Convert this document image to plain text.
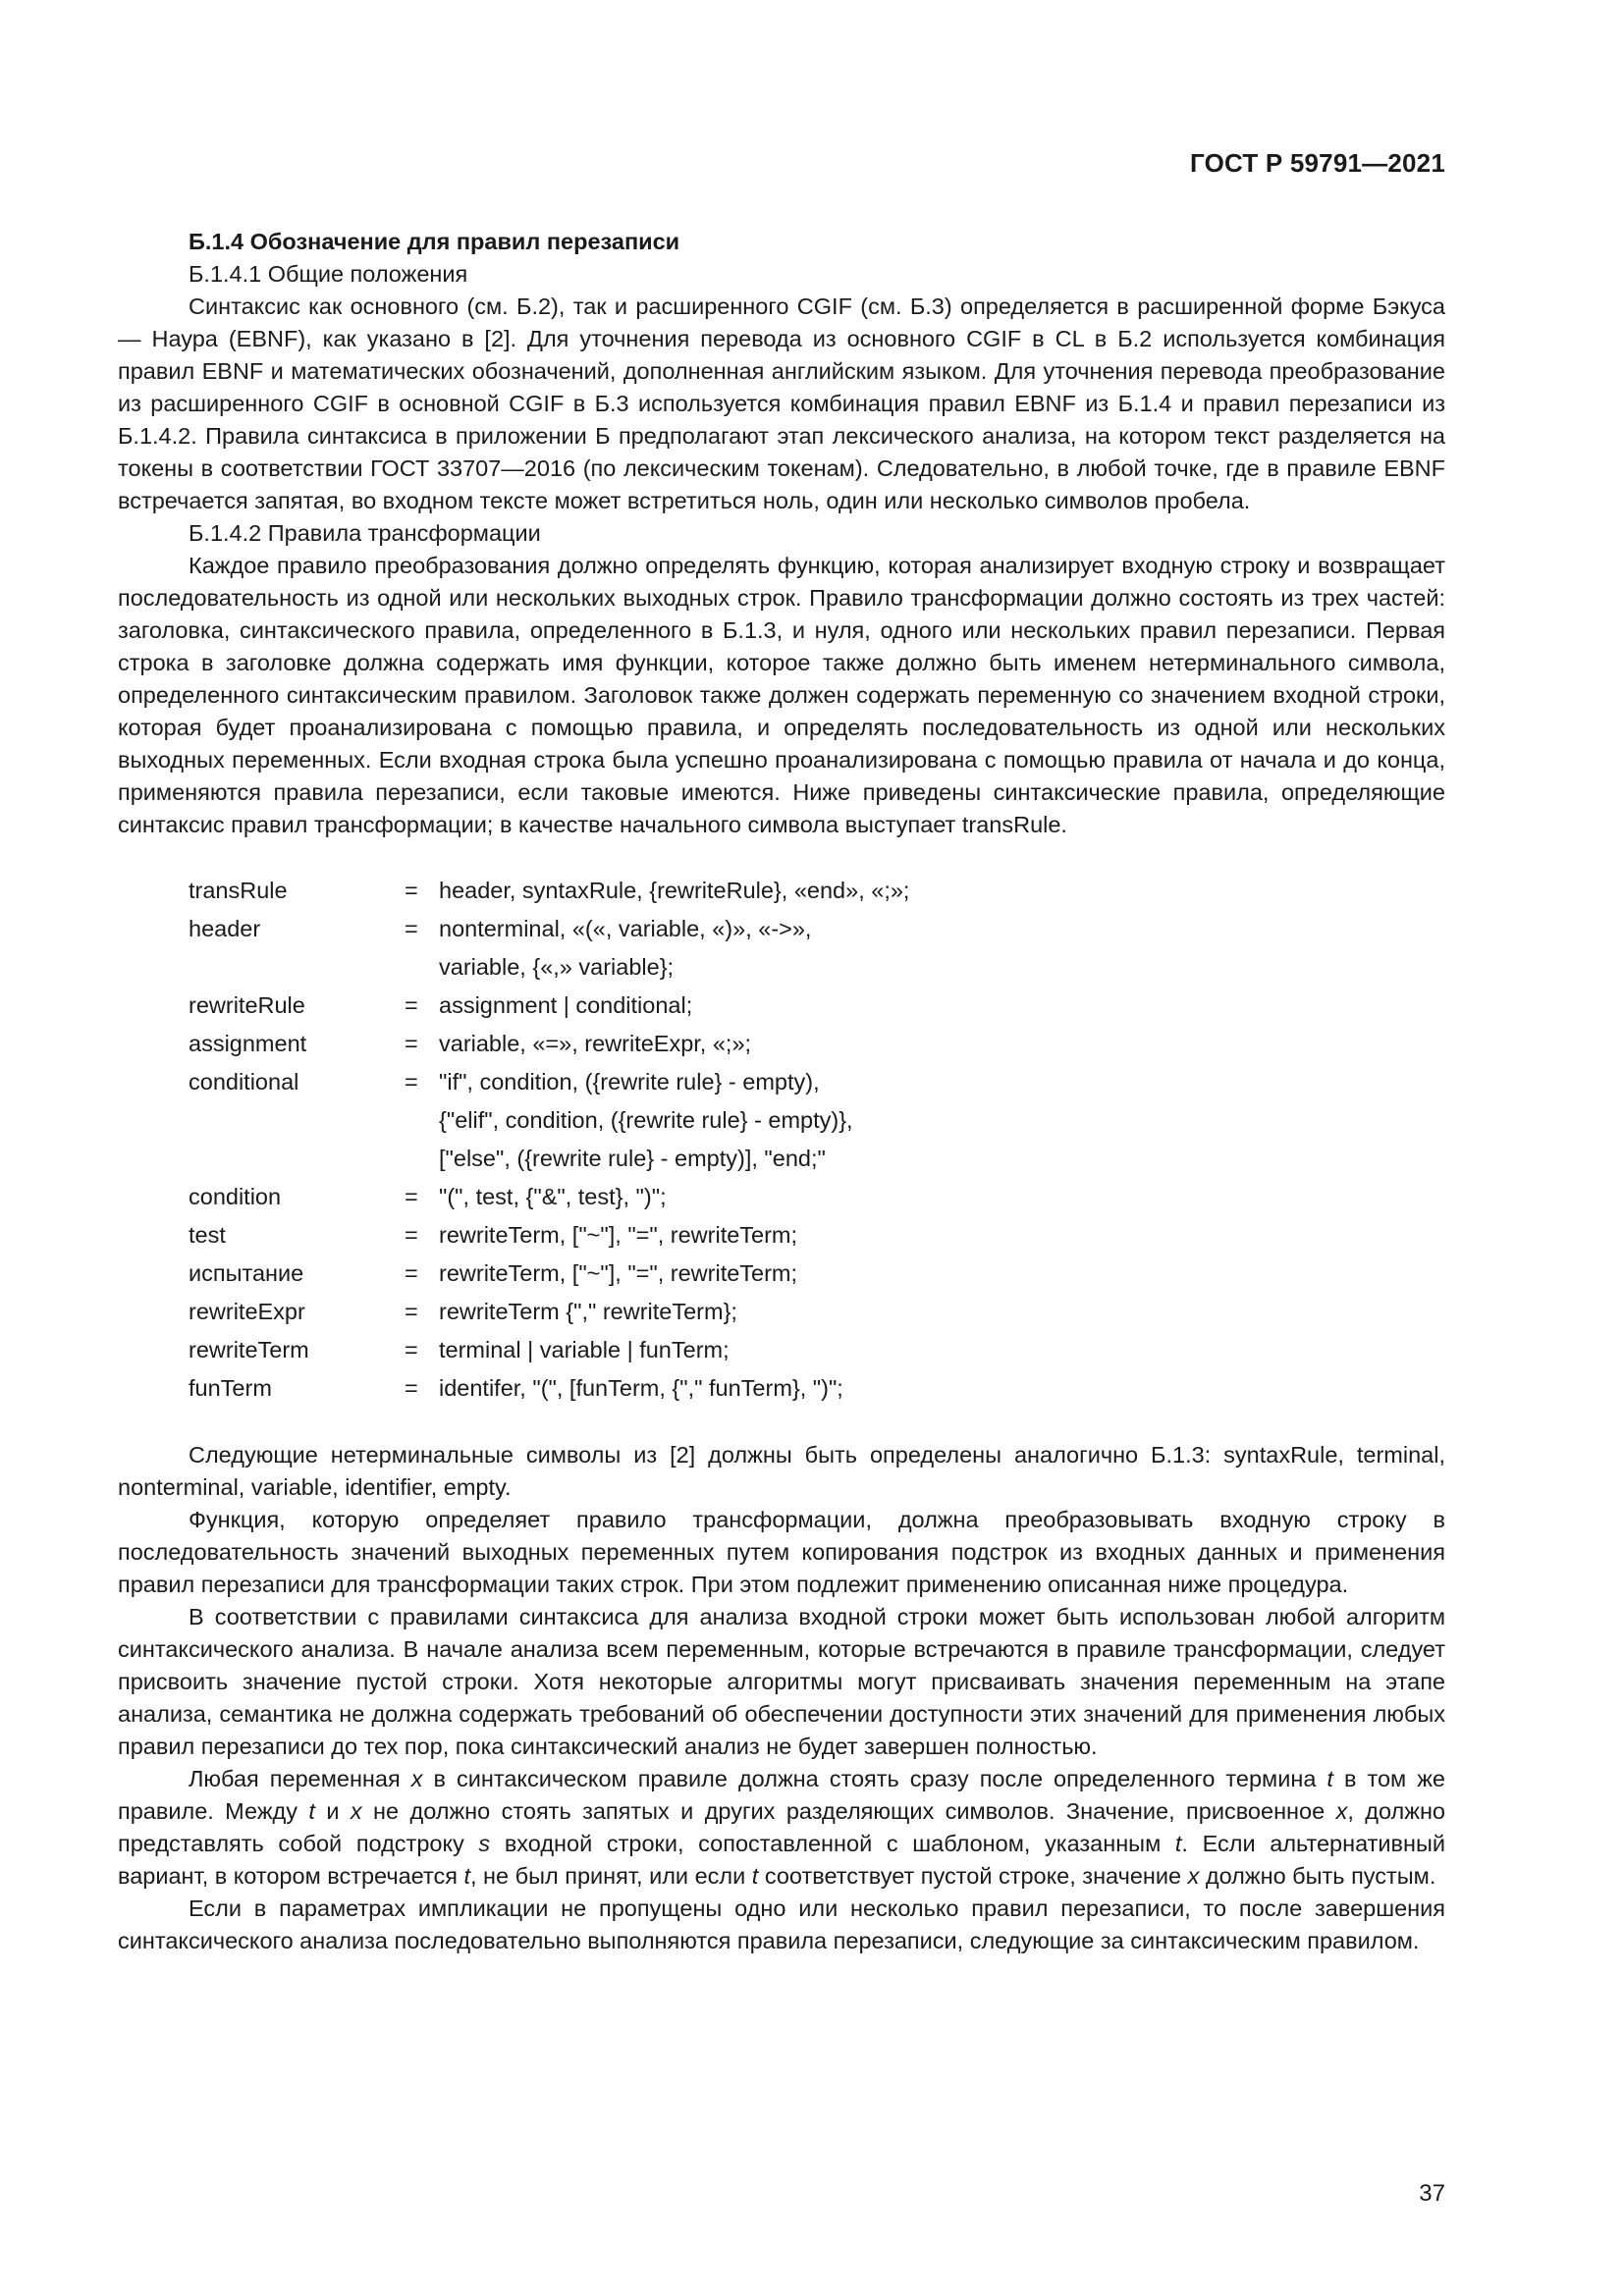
ГОСТ Р 59791—2021

Б.1.4 Обозначение для правил перезаписи

Б.1.4.1 Общие положения

Синтаксис как основного (см. Б.2), так и расширенного CGIF (см. Б.3) определяется в расширенной форме Бэкуса — Наура (EBNF), как указано в [2]. Для уточнения перевода из основного CGIF в CL в Б.2 используется комбинация правил EBNF и математических обозначений, дополненная английским языком. Для уточнения перевода преобразование из расширенного CGIF в основной CGIF в Б.3 используется комбинация правил EBNF из Б.1.4 и правил перезаписи из Б.1.4.2. Правила синтаксиса в приложении Б предполагают этап лексического анализа, на котором текст разделяется на токены в соответствии ГОСТ 33707—2016 (по лексическим токенам). Следовательно, в любой точке, где в правиле EBNF встречается запятая, во входном тексте может встретиться ноль, один или несколько символов пробела.

Б.1.4.2 Правила трансформации

Каждое правило преобразования должно определять функцию, которая анализирует входную строку и возвращает последовательность из одной или нескольких выходных строк. Правило трансформации должно состоять из трех частей: заголовка, синтаксического правила, определенного в Б.1.3, и нуля, одного или нескольких правил перезаписи. Первая строка в заголовке должна содержать имя функции, которое также должно быть именем нетерминального символа, определенного синтаксическим правилом. Заголовок также должен содержать переменную со значением входной строки, которая будет проанализирована с помощью правила, и определять последовательность из одной или нескольких выходных переменных. Если входная строка была успешно проанализирована с помощью правила от начала и до конца, применяются правила перезаписи, если таковые имеются. Ниже приведены синтаксические правила, определяющие синтаксис правил трансформации; в качестве начального символа выступает transRule.

transRule	=	header, syntaxRule, {rewriteRule}, «end», «;»;
header	=	nonterminal, «(«, variable, «)», «->»,
		variable, {«,» variable};
rewriteRule	=	assignment | conditional;
assignment	=	variable, «=», rewriteExpr, «;»;
conditional	=	"if", condition, ({rewrite rule} - empty),
		{"elif", condition, ({rewrite rule} - empty)},
		["else", ({rewrite rule} - empty)], "end;"
condition	=	"(", test, {"&", test}, ")";
test	=	rewriteTerm, ["~"], "=", rewriteTerm;
испытание	=	rewriteTerm, ["~"], "=", rewriteTerm;
rewriteExpr	=	rewriteTerm {"," rewriteTerm};
rewriteTerm	=	terminal | variable | funTerm;
funTerm	=	identifer, "(", [funTerm, {"," funTerm}, ")";

Следующие нетерминальные символы из [2] должны быть определены аналогично Б.1.3: syntaxRule, terminal, nonterminal, variable, identifier, empty.

Функция, которую определяет правило трансформации, должна преобразовывать входную строку в последовательность значений выходных переменных путем копирования подстрок из входных данных и применения правил перезаписи для трансформации таких строк. При этом подлежит применению описанная ниже процедура.

В соответствии с правилами синтаксиса для анализа входной строки может быть использован любой алгоритм синтаксического анализа. В начале анализа всем переменным, которые встречаются в правиле трансформации, следует присвоить значение пустой строки. Хотя некоторые алгоритмы могут присваивать значения переменным на этапе анализа, семантика не должна содержать требований об обеспечении доступности этих значений для применения любых правил перезаписи до тех пор, пока синтаксический анализ не будет завершен полностью.

Любая переменная x в синтаксическом правиле должна стоять сразу после определенного термина t в том же правиле. Между t и x не должно стоять запятых и других разделяющих символов. Значение, присвоенное x, должно представлять собой подстроку s входной строки, сопоставленной с шаблоном, указанным t. Если альтернативный вариант, в котором встречается t, не был принят, или если t соответствует пустой строке, значение x должно быть пустым.

Если в параметрах импликации не пропущены одно или несколько правил перезаписи, то после завершения синтаксического анализа последовательно выполняются правила перезаписи, следующие за синтаксическим правилом.

37
